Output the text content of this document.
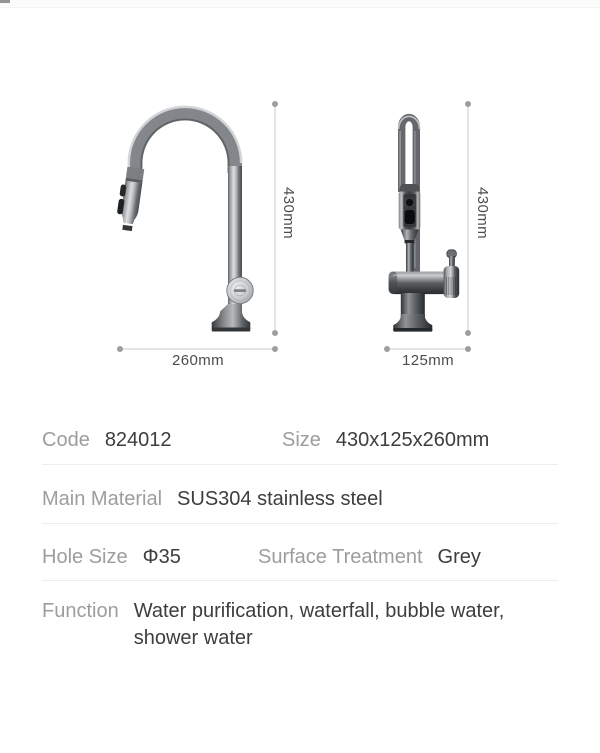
430mm
260mm
430mm
125mm
Code 824012	Size 430x125x260mm
Main Material SUS304 stainless steel
Hole Size Φ35	Surface Treatment Grey
Function Water purification, waterfall, bubble water, shower water
